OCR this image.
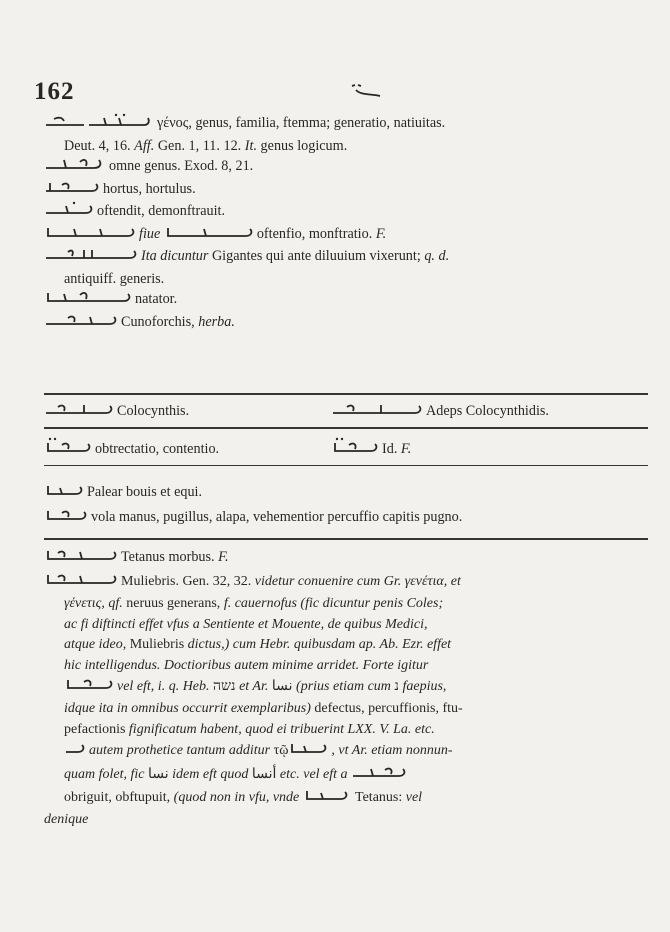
162
γένος, genus, familia, ftemma; generatio, natiuitas.
Deut. 4, 16. Aff. Gen. 1, 11. 12. It. genus logicum.
omne genus. Exod. 8, 21.
hortus, hortulus.
oftendit, demonftrauit.
fiue	oftenfio, monftratio. F.
Ita dicuntur Gigantes qui ante diluuium vixerunt; q. d.
antiquiff. generis.
natator.
Cunoforchis, herba.
Colocynthis.	Adeps Colocynthidis.
obtrectatio, contentio.	Id. F.
Palear bouis et equi.
vola manus, pugillus, alapa, vehementior percuffio capitis pugno.
Tetanus morbus. F.

Muliebris. Gen. 32, 32. videtur conuenire cum Gr. γενέτια, et

γένετις, qf. neruus generans, f. cauernofus (fic dicuntur penis Coles;

ac fi diftincti effet vfus a Sentiente et Mouente, de quibus Medici,

atque ideo, Muliebris dictus,) cum Hebr. quibusdam ap. Ab. Ezr. effet

hic intelligendus. Doctioribus autem minime arridet. Forte igitur

vel eft, i. q. Heb. נשה et Ar. نسا (prius etiam cum נ faepius,

idque ita in omnibus occurrit exemplaribus) defectus, percuffionis, ftu-

pefactionis fignificatum habent, quod ei tribuerint LXX. V. La. etc.

autem prothetice tantum additur τῷ	, vt Ar. etiam nonnun-

quam folet, fic نسا idem eft quod أنسا etc. vel eft a

obriguit, obftupuit, (quod non in vfu, vnde	Tetanus: vel

denique
